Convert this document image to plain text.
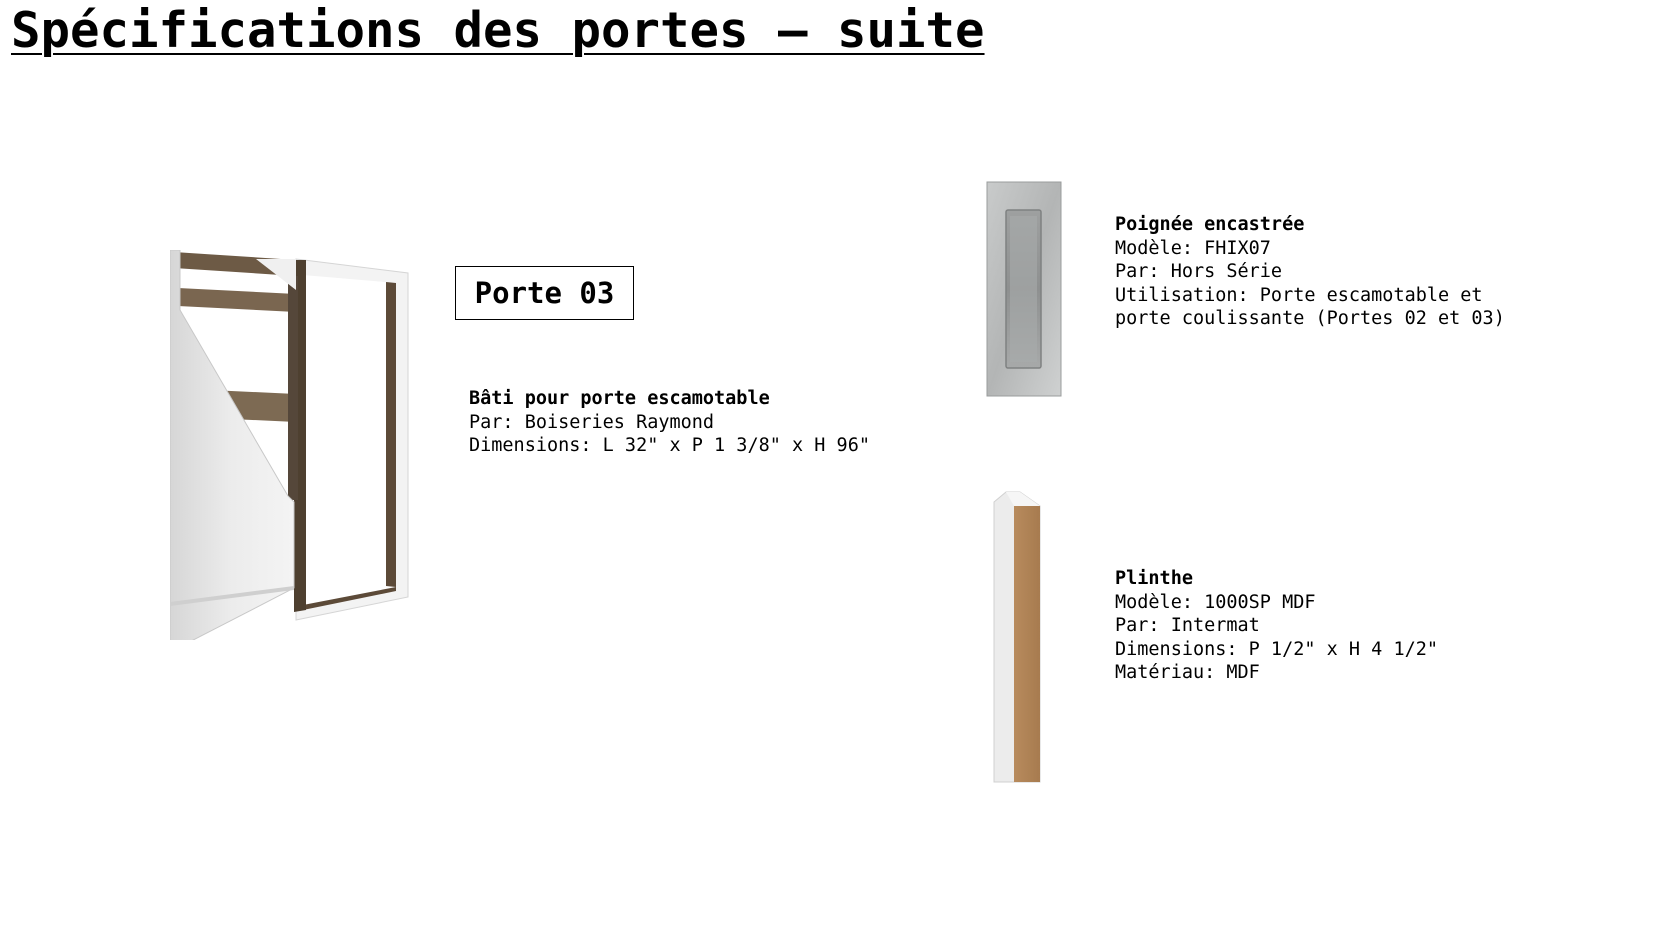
Spécifications des portes – suite
Porte 03
Bâti pour porte escamotable
Par: Boiseries Raymond
Dimensions: L 32" x P 1 3/8" x H 96"
Poignée encastrée
Modèle: FHIX07
Par: Hors Série
Utilisation: Porte escamotable et
porte coulissante (Portes 02 et 03)
Plinthe
Modèle: 1000SP MDF
Par: Intermat
Dimensions: P 1/2" x H 4 1/2"
Matériau: MDF
